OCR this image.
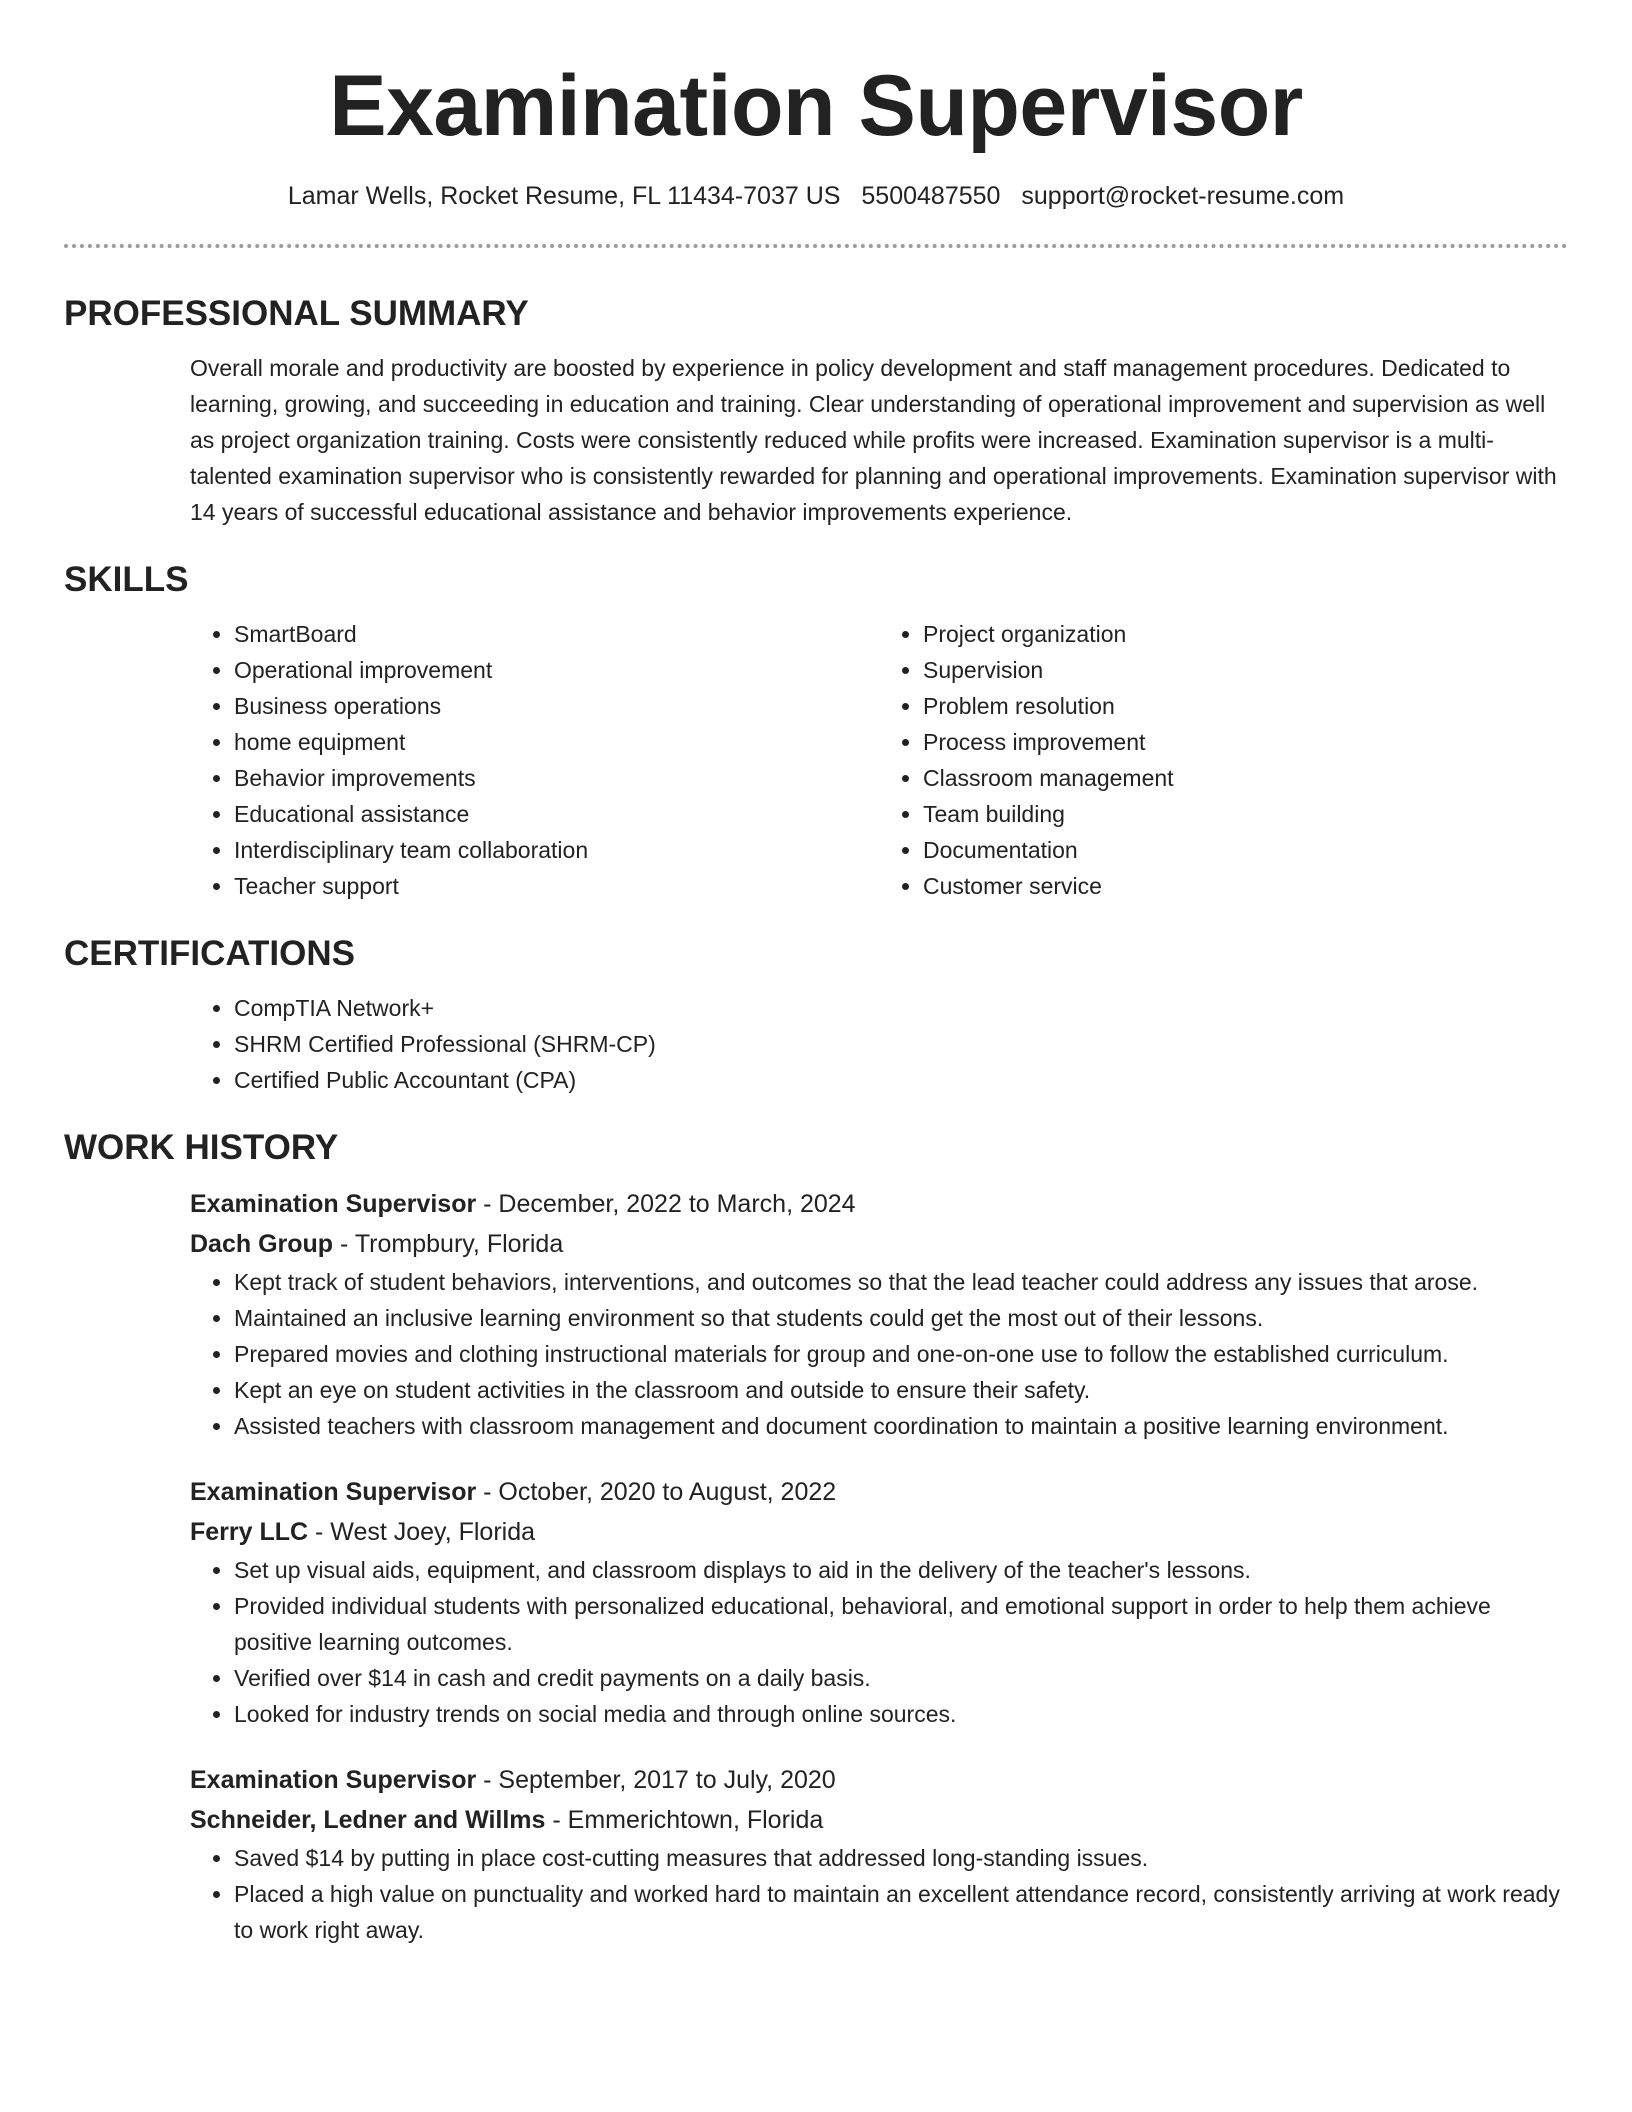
Examination Supervisor
Lamar Wells, Rocket Resume, FL 11434-7037 US 5500487550 support@rocket-resume.com
PROFESSIONAL SUMMARY

Overall morale and productivity are boosted by experience in policy development and staff management procedures. Dedicated to learning, growing, and succeeding in education and training. Clear understanding of operational improvement and supervision as well as project organization training. Costs were consistently reduced while profits were increased. Examination supervisor is a multi-talented examination supervisor who is consistently rewarded for planning and operational improvements. Examination supervisor with 14 years of successful educational assistance and behavior improvements experience.

SKILLS
• SmartBoard
• Operational improvement
• Business operations
• home equipment
• Behavior improvements
• Educational assistance
• Interdisciplinary team collaboration
• Teacher support
• Project organization
• Supervision
• Problem resolution
• Process improvement
• Classroom management
• Team building
• Documentation
• Customer service
CERTIFICATIONS
• CompTIA Network+
• SHRM Certified Professional (SHRM-CP)
• Certified Public Accountant (CPA)
WORK HISTORY
Examination Supervisor - December, 2022 to March, 2024
Dach Group - Trompbury, Florida
• Kept track of student behaviors, interventions, and outcomes so that the lead teacher could address any issues that arose.
• Maintained an inclusive learning environment so that students could get the most out of their lessons.
• Prepared movies and clothing instructional materials for group and one-on-one use to follow the established curriculum.
• Kept an eye on student activities in the classroom and outside to ensure their safety.
• Assisted teachers with classroom management and document coordination to maintain a positive learning environment.
Examination Supervisor - October, 2020 to August, 2022
Ferry LLC - West Joey, Florida
• Set up visual aids, equipment, and classroom displays to aid in the delivery of the teacher's lessons.
• Provided individual students with personalized educational, behavioral, and emotional support in order to help them achieve positive learning outcomes.
• Verified over $14 in cash and credit payments on a daily basis.
• Looked for industry trends on social media and through online sources.
Examination Supervisor - September, 2017 to July, 2020
Schneider, Ledner and Willms - Emmerichtown, Florida
• Saved $14 by putting in place cost-cutting measures that addressed long-standing issues.
• Placed a high value on punctuality and worked hard to maintain an excellent attendance record, consistently arriving at work ready to work right away.
